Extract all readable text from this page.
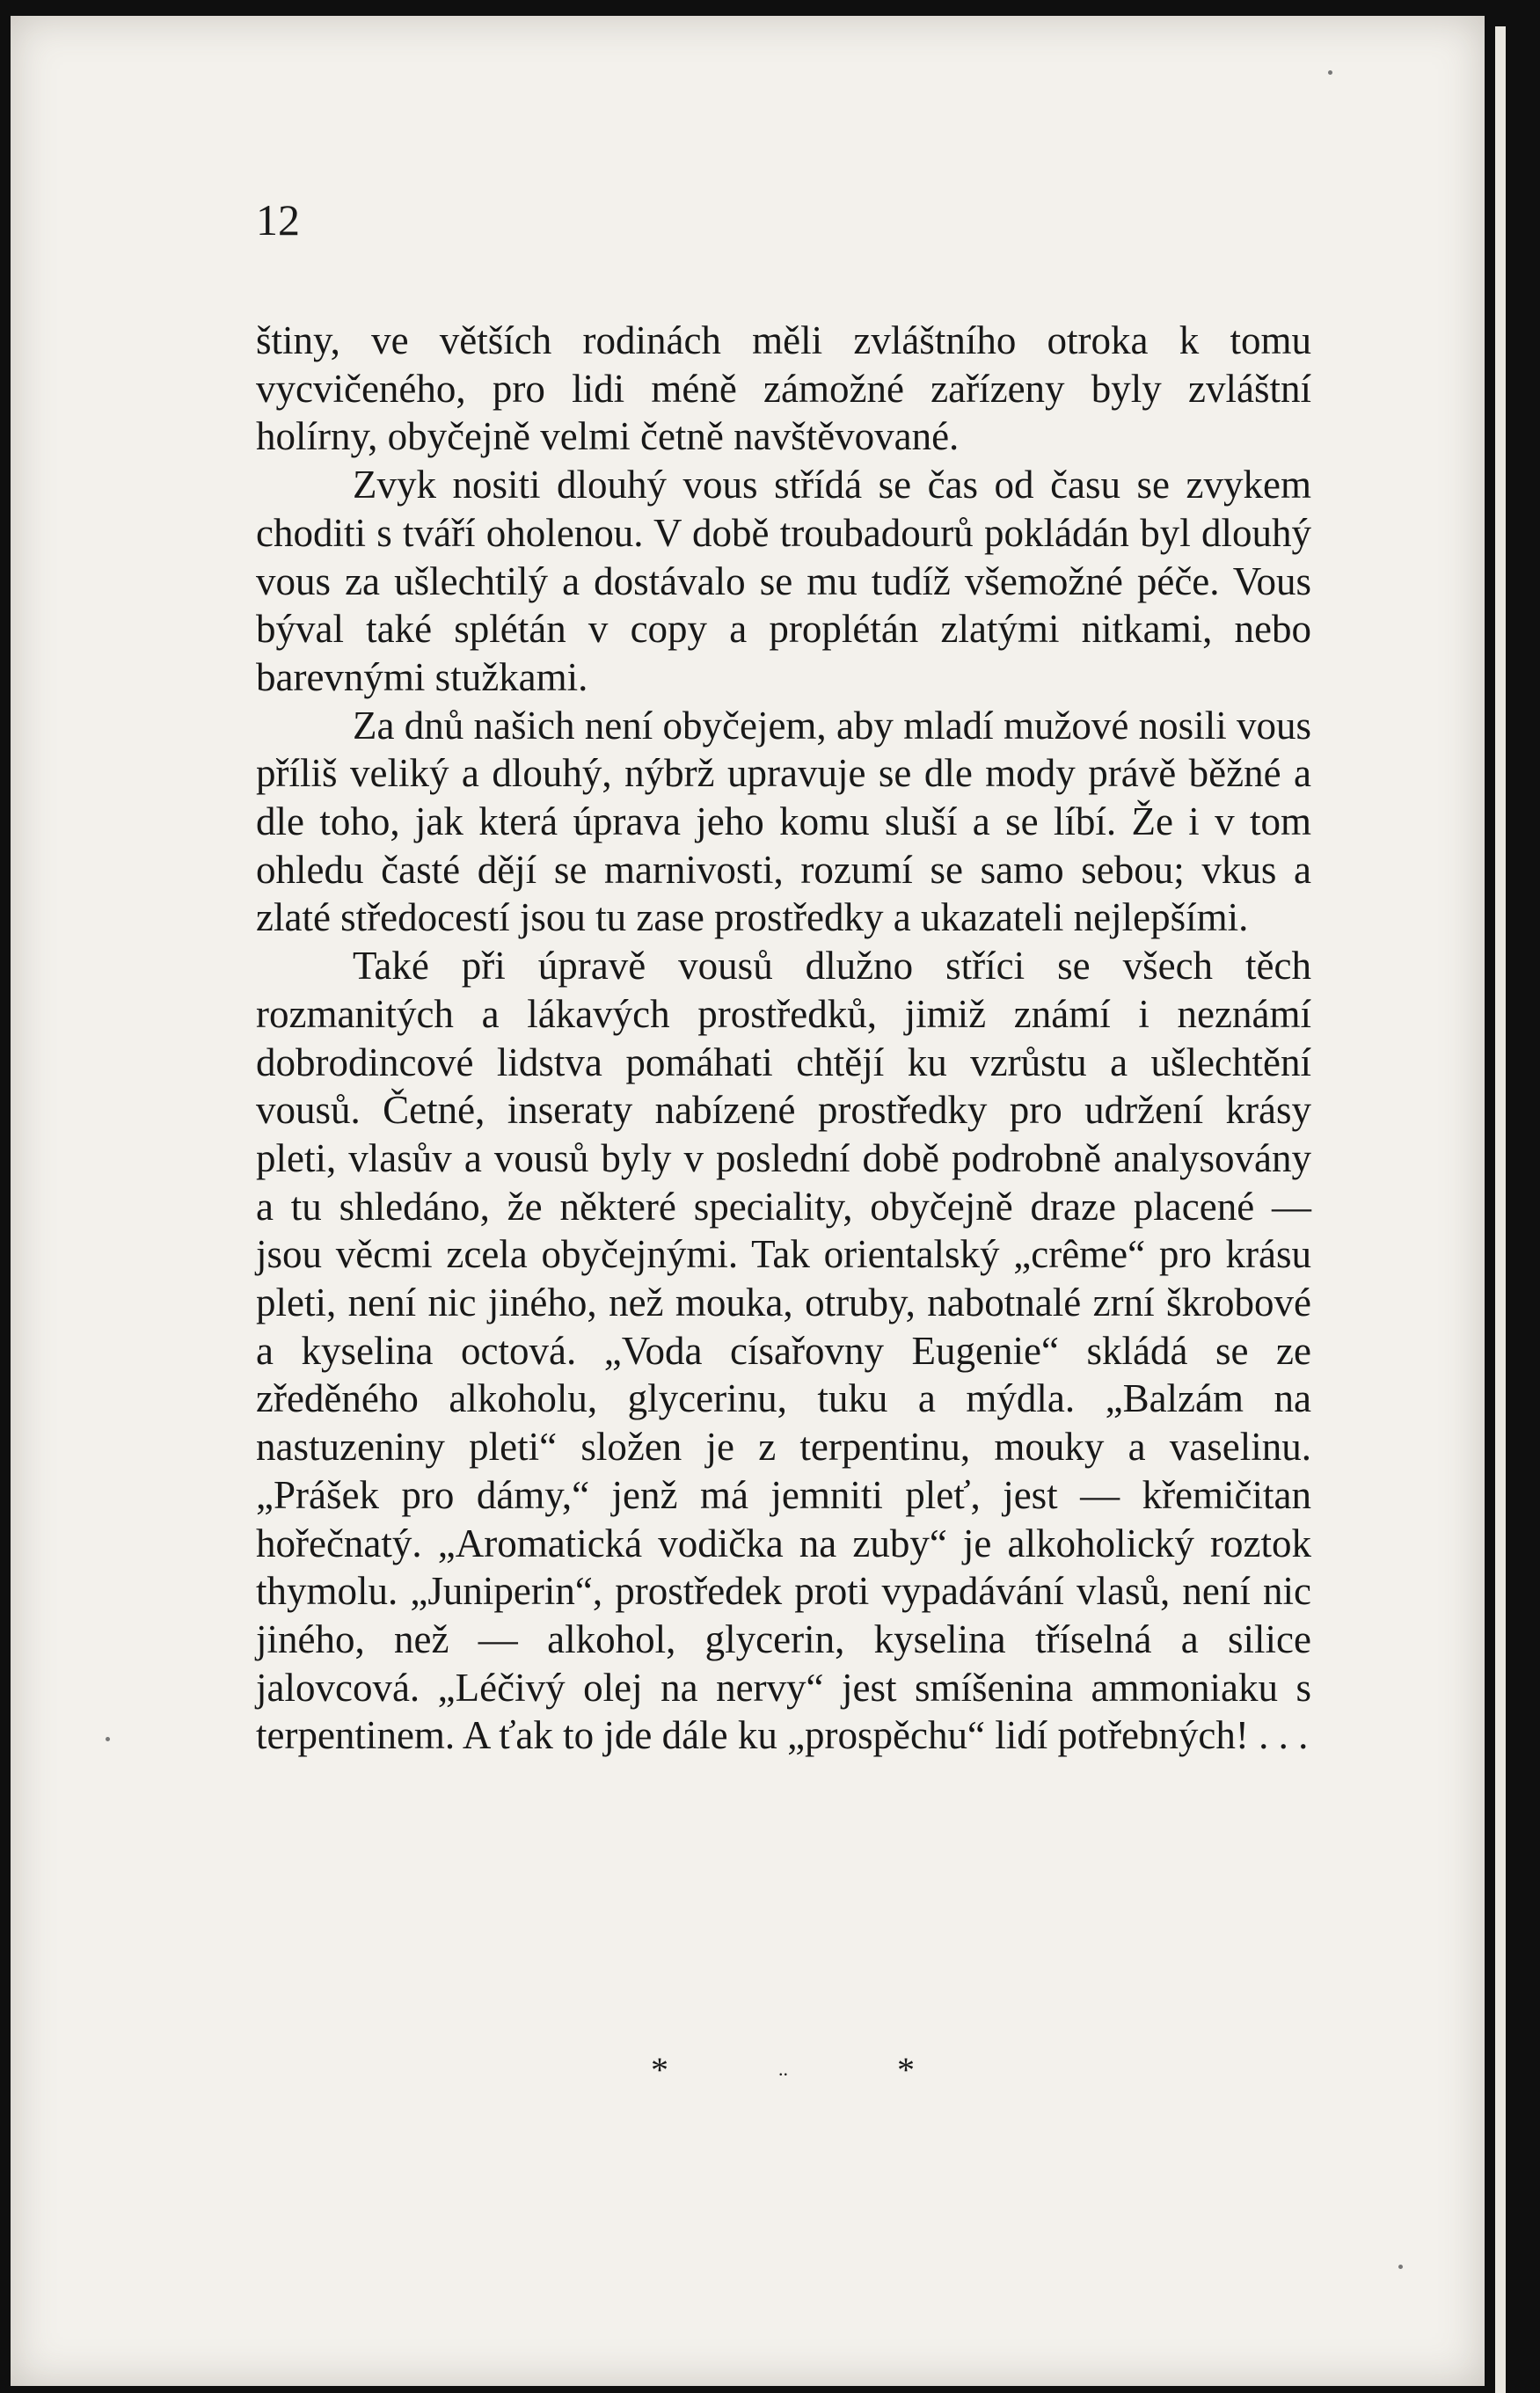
12

štiny, ve větších rodinách měli zvláštního otroka k tomu vycvičeného, pro lidi méně zámožné zařízeny byly zvláštní holírny, obyčejně velmi četně navštěvované.

Zvyk nositi dlouhý vous střídá se čas od času se zvykem choditi s tváří oholenou. V době troubadourů pokládán byl dlouhý vous za ušlechtilý a dostávalo se mu tudíž všemožné péče. Vous býval také splétán v copy a proplétán zlatými nitkami, nebo barevnými stužkami.

Za dnů našich není obyčejem, aby mladí mužové nosili vous příliš veliký a dlouhý, nýbrž upravuje se dle mody právě běžné a dle toho, jak která úprava jeho komu sluší a se líbí. Že i v tom ohledu časté dějí se marnivosti, rozumí se samo sebou; vkus a zlaté středocestí jsou tu zase prostředky a ukazateli nejlepšími.

Také při úpravě vousů dlužno stříci se všech těch rozmanitých a lákavých prostředků, jimiž známí i neznámí dobrodincové lidstva pomáhati chtějí ku vzrůstu a ušlechtění vousů. Četné, inseraty nabízené prostředky pro udržení krásy pleti, vlasův a vousů byly v poslední době podrobně analysovány a tu shledáno, že některé speciality, obyčejně draze placené — jsou věcmi zcela obyčejnými. Tak orientalský „crême“ pro krásu pleti, není nic jiného, než mouka, otruby, nabotnalé zrní škrobové a kyselina octová. „Voda císařovny Eugenie“ skládá se ze zředěného alkoholu, glycerinu, tuku a mýdla. „Balzám na nastuzeniny pleti“ složen je z terpentinu, mouky a vaselinu. „Prášek pro dámy,“ jenž má jemniti pleť, jest — křemičitan hořečnatý. „Aromatická vodička na zuby“ je alkoholický roztok thymolu. „Juniperin“, prostředek proti vypadávání vlasů, není nic jiného, než — alkohol, glycerin, kyselina tříselná a silice jalovcová. „Léčivý olej na nervy“ jest smíšenina ammoniaku s terpentinem. A ťak to jde dále ku „prospěchu“ lidí potřebných! . . .

*	..	*
